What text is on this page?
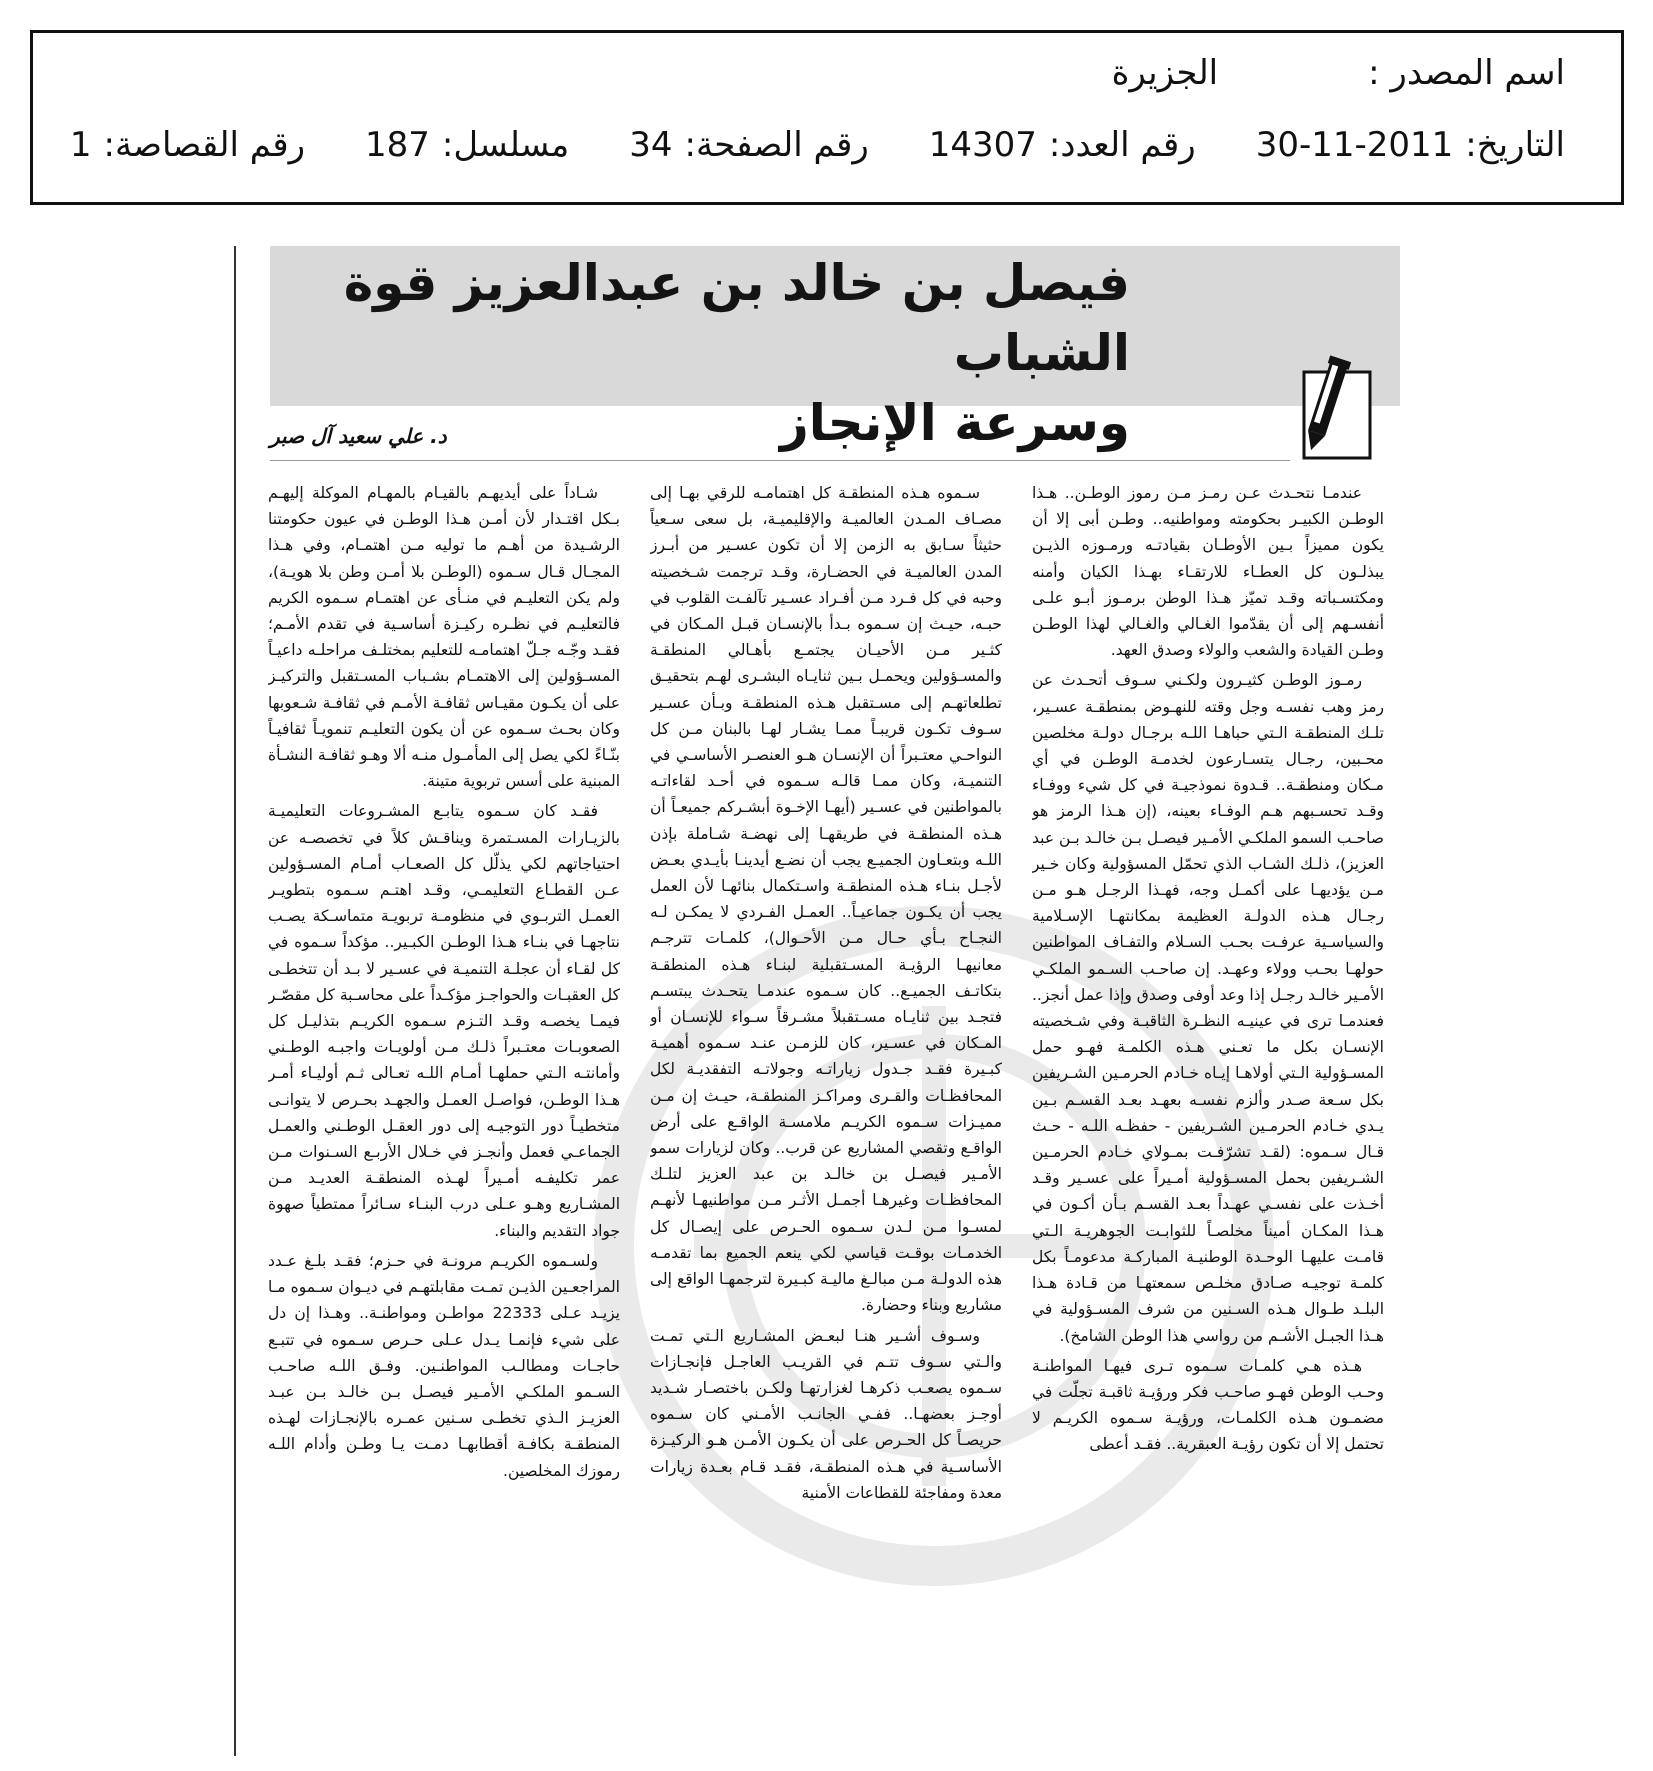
اسم المصدر :
الجزيرة
التاريخ:
30-11-2011
رقم العدد:
14307
رقم الصفحة:
34
مسلسل:
187
رقم القصاصة:
1
فيصل بن خالد بن عبدالعزيز قوة الشباب
وسرعة الإنجاز
د. علي سعيد آل صبر

عندمـا نتحـدث عـن رمـز مـن رموز الوطـن.. هـذا الوطـن الكبيـر بحكومته ومواطنيه.. وطـن أبى إلا أن يكون مميزاً بـين الأوطـان بقيادتـه ورمـوزه الذيـن يبذلـون كل العطـاء للارتقـاء بهـذا الكيان وأمنه ومكتسـباته وقـد تميّز هـذا الوطن برمـوز أبـو علـى أنفسـهم إلى أن يقدّموا الغـالي والغـالي لهذا الوطـن وطـن القيادة والشعب والولاء وصدق العهد.

رمـوز الوطـن كثيـرون ولكـني سـوف أتحـدث عن رمز وهب نفسـه وجل وقته للنهـوض بمنطقـة عسـير، تلـك المنطقـة الـتي حباهـا اللـه برجـال دولـة مخلصين محـبين، رجـال يتسـارعون لخدمـة الوطـن في أي مـكان ومنطقـة.. قـدوة نموذجيـة في كل شيء ووفـاء وقـد تحسـبهم هـم الوفـاء بعينه، (إن هـذا الرمز هو صاحـب السمو الملكـي الأمـير فيصـل بـن خالـد بـن عبد العزيز)، ذلـك الشـاب الذي تحمّل المسؤولية وكان خـير مـن يؤديهـا على أكمـل وجه، فهـذا الرجـل هـو مـن رجـال هـذه الدولـة العظيمة بمكانتهـا الإسـلامية والسياسـية عرفـت بحـب السـلام والتفـاف المواطنين حولهـا بحـب وولاء وعهـد. إن صاحـب السـمو الملكـي الأمـير خالـد رجـل إذا وعد أوفى وصدق وإذا عمل أنجز.. فعندمـا ترى في عينيـه النظـرة الثاقبـة وفي شـخصيته الإنسـان بكل ما تعـني هـذه الكلمـة فهـو حمل المسـؤولية الـتي أولاهـا إيـاه خـادم الحرمـين الشـريفين بكل سـعة صـدر وألزم نفسـه بعهـد بعـد القسـم بـين يـدي خـادم الحرمـين الشـريفين - حفظـه اللـه - حـث قـال سـموه: (لقـد تشرّفـت بمـولاي خـادم الحرمـين الشـريفين بحمل المسـؤولية أمـيراً على عسـير وقـد أخـذت على نفسـي عهـداً بعـد القسـم بـأن أكـون في هـذا المكـان أميناً مخلصـاً للثوابـت الجوهريـة الـتي قامـت عليهـا الوحـدة الوطنيـة المباركـة مدعومـاً بكل كلمـة توجيـه صـادق مخلـص سمعتهـا من قـادة هـذا البلـد طـوال هـذه السـنين من شرف المسـؤولية في هـذا الجبـل الأشـم من رواسي هذا الوطن الشامخ).

هـذه هـي كلمـات سـموه تـرى فيهـا المواطنـة وحـب الوطن فهـو صاحـب فكر ورؤيـة ثاقبـة تجلّت في مضمـون هـذه الكلمـات، ورؤيـة سـموه الكريـم لا تحتمل إلا أن تكون رؤيـة العبقرية.. فقـد أعطى

سـموه هـذه المنطقـة كل اهتمامـه للرقي بهـا إلى مصـاف المـدن العالميـة والإقليميـة، بل سعى سـعياً حثيثاً سـابق به الزمن إلا أن تكون عسـير من أبـرز المدن العالميـة في الحضـارة، وقـد ترجمت شـخصيته وحبه في كل فـرد مـن أفـراد عسـير تآلفـت القلوب في حبـه، حيـث إن سـموه بـدأ بالإنسـان قبـل المـكان في كثـير مـن الأحيـان يجتمـع بأهـالي المنطقـة والمسـؤولين ويحمـل بـين ثنايـاه البشـرى لهـم بتحقيـق تطلعاتهـم إلى مسـتقبل هـذه المنطقـة وبـأن عسـير سـوف تكـون قريبـاً ممـا يشـار لهـا بالبنان مـن كل النواحـي معتـبراً أن الإنسـان هـو العنصـر الأساسـي في التنميـة، وكان ممـا قالـه سـموه في أحـد لقاءاتـه بالمواطنين في عسـير (أيهـا الإخـوة أبشـركم جميعـاً أن هـذه المنطقـة في طريقهـا إلى نهضـة شـاملة بإذن اللـه وبتعـاون الجميـع يجب أن نضـع أيدينـا بأيـدي بعـض لأجـل بنـاء هـذه المنطقـة واسـتكمال بنائهـا لأن العمل يجب أن يكـون جماعيـاً.. العمـل الفـردي لا يمكـن لـه النجـاح بـأي حـال مـن الأحـوال)، كلمـات تترجـم معانيهـا الرؤيـة المسـتقبلية لبنـاء هـذه المنطقـة بتكاتـف الجميـع.. كان سـموه عندمـا يتحـدث يبتسـم فتجـد بين ثنايـاه مسـتقبلاً مشـرقاً سـواء للإنسـان أو المـكان في عسـير، كان للزمـن عنـد سـموه أهميـة كبـيرة فقـد جـدول زياراتـه وجولاتـه التفقديـة لكل المحافظـات والقـرى ومراكـز المنطقـة، حيـث إن مـن مميـزات سـموه الكريـم ملامسـة الواقـع على أرض الواقـع وتقصي المشاريع عن قرب.. وكان لزيارات سمو الأمـير فيصـل بن خالـد بن عبد العزيز لتلـك المحافظـات وغيرهـا أجمـل الأثـر مـن مواطنيهـا لأنهـم لمسـوا مـن لـدن سـموه الحـرص على إيصـال كل الخدمـات بوقـت قياسي لكي ينعم الجميع بما تقدمـه هذه الدولـة مـن مبالـغ ماليـة كبـيرة لترجمهـا الواقع إلى مشاريع وبناء وحضارة.

وسـوف أشـير هنـا لبعـض المشـاريع الـتي تمـت والـتي سـوف تتـم في القريـب العاجـل فإنجـازات سـموه يصعـب ذكرهـا لغزارتهـا ولكـن باختصـار شـديد أوجـز بعضهـا.. ففـي الجانـب الأمـني كان سـموه حريصـاً كل الحـرص على أن يكـون الأمـن هـو الركيـزة الأساسـية في هـذه المنطقـة، فقـد قـام بعـدة زيارات معدة ومفاجئة للقطاعات الأمنية

شـاداً على أيديهـم بالقيـام بالمهـام الموكلة إليهـم بـكل اقتـدار لأن أمـن هـذا الوطـن في عيون حكومتنا الرشـيدة من أهـم ما توليه مـن اهتمـام، وفي هـذا المجـال قـال سـموه (الوطـن بلا أمـن وطن بلا هويـة)، ولم يكن التعليـم في منـأى عن اهتمـام سـموه الكريم فالتعليـم في نظـره ركيـزة أساسـية في تقدم الأمـم؛ فقـد وجّـه جـلّ اهتمامـه للتعليم بمختلـف مراحلـه داعيـاً المسـؤولين إلى الاهتمـام بشـباب المسـتقبل والتركيـز على أن يكـون مقيـاس ثقافـة الأمـم في ثقافـة شـعوبها وكان بحـث سـموه عن أن يكون التعليـم تنمويـاً ثقافيـاً بنّـاءً لكي يصل إلى المأمـول منـه ألا وهـو ثقافـة النشـأة المبنية على أسس تربوية متينة.

فقـد كان سـموه يتابـع المشـروعات التعليميـة بالزيـارات المسـتمرة ويناقـش كلاً في تخصصـه عن احتياجاتهم لكي يذلّل كل الصعـاب أمـام المسـؤولين عـن القطـاع التعليمـي، وقـد اهتـم سـموه بتطويـر العمـل التربـوي في منظومـة تربويـة متماسـكة يصـب نتاجهـا في بنـاء هـذا الوطـن الكبـير.. مؤكداً سـموه في كل لقـاء أن عجلـة التنميـة في عسـير لا بـد أن تتخطـى كل العقبـات والحواجـز مؤكـداً على محاسـبة كل مقصّـر فيمـا يخصـه وقـد التـزم سـموه الكريـم بتذليـل كل الصعوبـات معتـبراً ذلـك مـن أولويـات واجبـه الوطـني وأمانتـه الـتي حملهـا أمـام اللـه تعـالى ثـم أوليـاء أمـر هـذا الوطـن، فواصـل العمـل والجهـد بحـرص لا يتوانـى متخطيـاً دور التوجيـه إلى دور العقـل الوطـني والعمـل الجماعـي فعمل وأنجـز في خـلال الأربـع السـنوات مـن عمر تكليفـه أمـيراً لهـذه المنطقـة العديـد مـن المشـاريع وهـو عـلى درب البنـاء سـائراً ممتطياً صهوة جواد التقديم والبناء.

ولسـموه الكريـم مرونـة في حـزم؛ فقـد بلـغ عـدد المراجعـين الذيـن تمـت مقابلتهـم في ديـوان سـموه مـا يزيـد عـلى 22333 مواطـن ومواطنـة.. وهـذا إن دل على شيء فإنمـا يـدل عـلى حـرص سـموه في تتبـع حاجـات ومطالـب المواطنـين. وفـق اللـه صاحـب السـمو الملكـي الأمـير فيصـل بـن خالـد بـن عبـد العزيـز الـذي تخطـى سـنين عمـره بالإنجـازات لهـذه المنطقـة بكافـة أقطابهـا دمـت يـا وطـن وأدام اللـه رموزك المخلصين.
